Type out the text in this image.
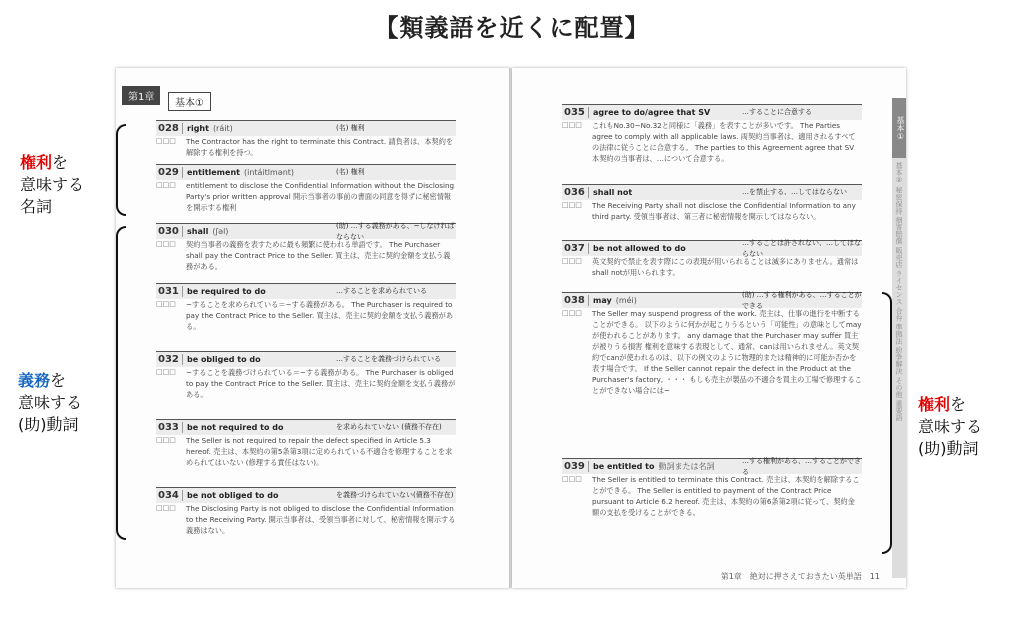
【類義語を近くに配置】
第1章
基本①
028	right (ráit)	(名) 権利
□□□	The Contractor has the right to terminate this Contract. 請負者は、本契約を解除する権利を持つ。
029	entitlement (intáitlmənt)	(名) 権利
□□□	entitlement to disclose the Confidential Information without the Disclosing Party's prior written approval 開示当事者の事前の書面の同意を得ずに秘密情報を開示する権利
030	shall (ʃəl)
(助) …する義務がある、~しなければならない
□□□	契約当事者の義務を表すために最も頻繁に使われる単語です。 The Purchaser shall pay the Contract Price to the Seller. 買主は、売主に契約金額を支払う義務がある。
031	be required to do	…することを求められている
□□□	~することを求められている＝~する義務がある。 The Purchaser is required to pay the Contract Price to the Seller. 買主は、売主に契約金額を支払う義務がある。
032	be obliged to do	…することを義務づけられている
□□□	~することを義務づけられている＝~する義務がある。 The Purchaser is obliged to pay the Contract Price to the Seller. 買主は、売主に契約金額を支払う義務がある。
033	be not required to do	を求められていない (債務不存在)
□□□	The Seller is not required to repair the defect specified in Article 5.3 hereof. 売主は、本契約の第5条第3項に定められている不適合を修理することを求められてはいない (修理する責任はない)。
034	be not obliged to do	を義務づけられていない(債務不存在)
□□□	The Disclosing Party is not obliged to disclose the Confidential Information to the Receiving Party. 開示当事者は、受領当事者に対して、秘密情報を開示する義務はない。
035	agree to do/agree that SV	…することに合意する
□□□	これもNo.30~No.32と同様に「義務」を表すことが多いです。 The Parties agree to comply with all applicable laws. 両契約当事者は、適用されるすべての法律に従うことに合意する。 The parties to this Agreement agree that SV 本契約の当事者は、…について合意する。
036	shall not	…を禁止する、…してはならない
□□□	The Receiving Party shall not disclose the Confidential Information to any third party. 受領当事者は、第三者に秘密情報を開示してはならない。
037	be not allowed to do
…することは許されない、…してはならない
□□□	英文契約で禁止を表す際にこの表現が用いられることは滅多にありません。通常はshall notが用いられます。
038	may (méi)
(助) …する権利がある、…することができる
□□□	The Seller may suspend progress of the work. 売主は、仕事の進行を中断することができる。 以下のように何かが起こりうるという「可能性」の意味としてmayが使われることがあります。 any damage that the Purchaser may suffer 買主が被りうる損害 権利を意味する表現として、通常、canは用いられません。英文契約でcanが使われるのは、以下の例文のように物理的または精神的に可能か否かを表す場合です。 If the Seller cannot repair the defect in the Product at the Purchaser's factory, ・・・ もしも売主が製品の不適合を買主の工場で修理することができない場合には~
039	be entitled to 動詞または名詞
…する権利がある、…することができる
□□□	The Seller is entitled to terminate this Contract. 売主は、本契約を解除することができる。 The Seller is entitled to payment of the Contract Price pursuant to Article 6.2 hereof. 売主は、本契約の第6条第2項に従って、契約金額の支払を受けることができる。
基本①
基本② 秘密保持 損害賠償 販売店 ライセンス 合弁 準拠法 紛争解決 その他 重要語
第1章　絶対に押さえておきたい英単語　11
権利を
意味する
名詞
義務を
意味する
(助)動詞
権利を
意味する
(助)動詞
